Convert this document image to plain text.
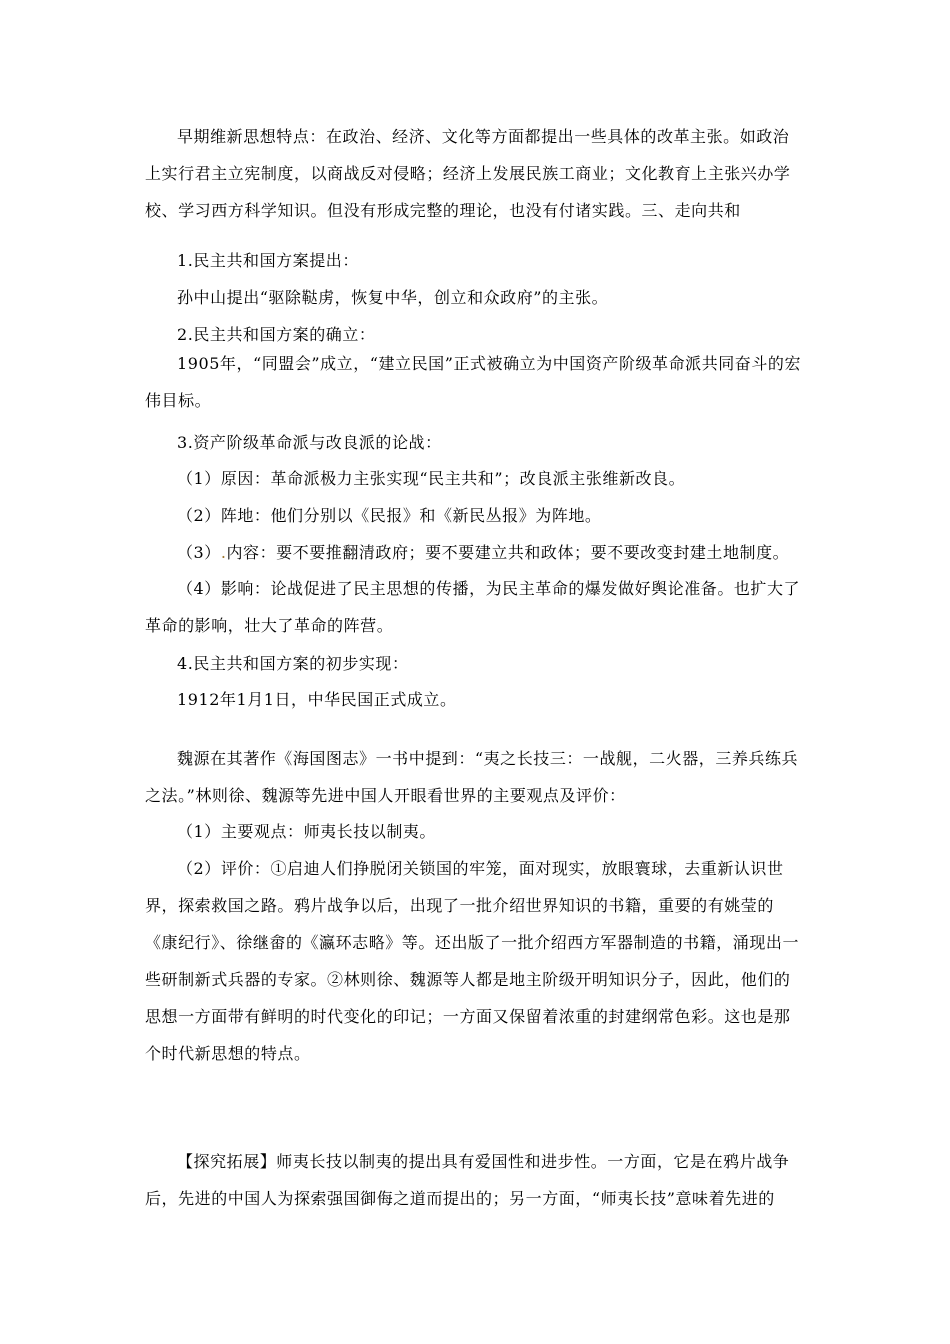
早期维新思想特点：在政治、经济、文化等方面都提出一些具体的改革主张。如政治上实行君主立宪制度，以商战反对侵略；经济上发展民族工商业；文化教育上主张兴办学校、学习西方科学知识。但没有形成完整的理论，也没有付诸实践。三、走向共和

1.民主共和国方案提出：

孙中山提出“驱除鞑虏，恢复中华，创立和众政府”的主张。

2.民主共和国方案的确立：

1905年，“同盟会”成立，“建立民国”正式被确立为中国资产阶级革命派共同奋斗的宏伟目标。

3.资产阶级革命派与改良派的论战：

（1）原因：革命派极力主张实现“民主共和”；改良派主张维新改良。

（2）阵地：他们分别以《民报》和《新民丛报》为阵地。

（3）.内容：要不要推翻清政府；要不要建立共和政体；要不要改变封建土地制度。

（4）影响：论战促进了民主思想的传播，为民主革命的爆发做好舆论准备。也扩大了革命的影响，壮大了革命的阵营。

4.民主共和国方案的初步实现：

1912年1月1日，中华民国正式成立。

魏源在其著作《海国图志》一书中提到：“夷之长技三：一战舰，二火器，三养兵练兵之法。”林则徐、魏源等先进中国人开眼看世界的主要观点及评价：

（1）主要观点：师夷长技以制夷。

（2）评价：①启迪人们挣脱闭关锁国的牢笼，面对现实，放眼寰球，去重新认识世界，探索救国之路。鸦片战争以后，出现了一批介绍世界知识的书籍，重要的有姚莹的《康纪行》、徐继畲的《瀛环志略》等。还出版了一批介绍西方军器制造的书籍，涌现出一些研制新式兵器的专家。②林则徐、魏源等人都是地主阶级开明知识分子，因此，他们的思想一方面带有鲜明的时代变化的印记；一方面又保留着浓重的封建纲常色彩。这也是那个时代新思想的特点。

【探究拓展】师夷长技以制夷的提出具有爱国性和进步性。一方面，它是在鸦片战争后，先进的中国人为探索强国御侮之道而提出的；另一方面，“师夷长技”意味着先进的
